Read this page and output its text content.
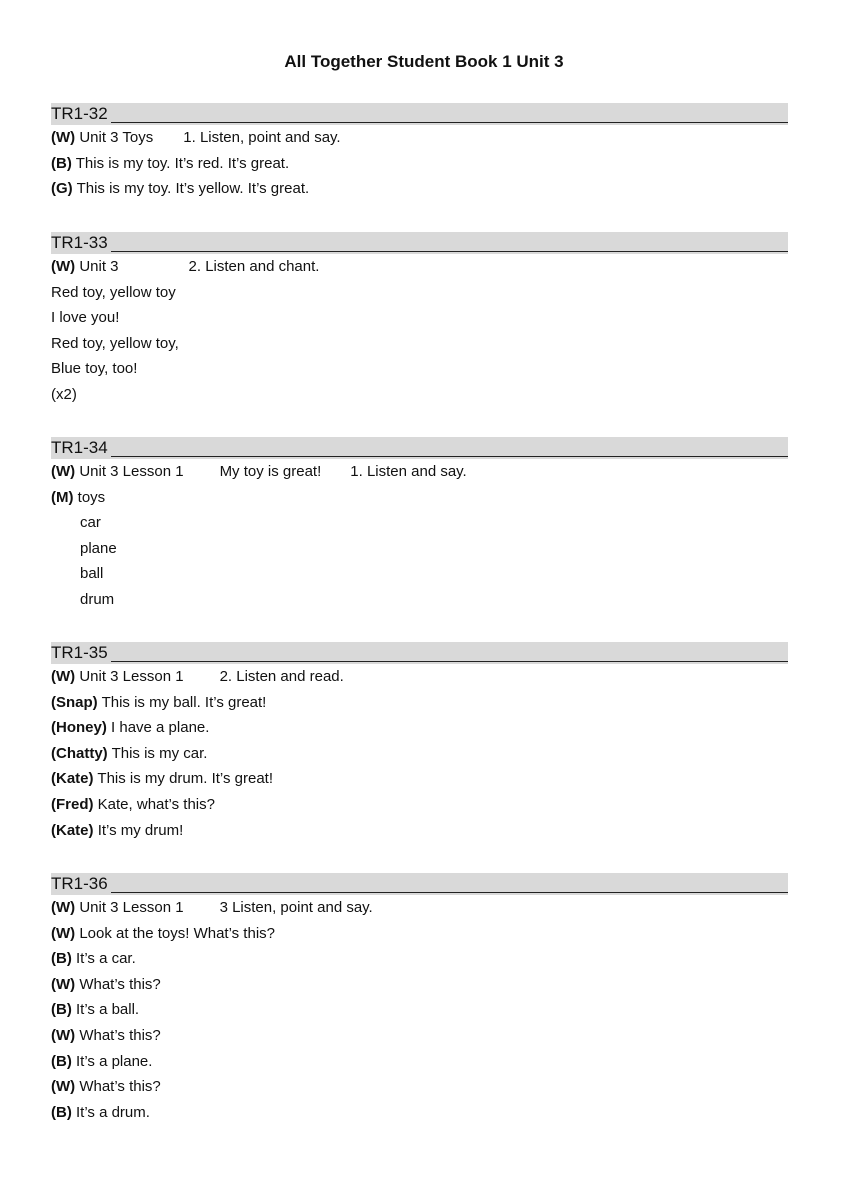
All Together Student Book 1 Unit 3
TR1-32
(W) Unit 3 Toys 1. Listen, point and say.
(B) This is my toy. It’s red. It’s great.
(G) This is my toy. It’s yellow. It’s great.
TR1-33
(W) Unit 3	2. Listen and chant.
Red toy, yellow toy
I love you!
Red toy, yellow toy,
Blue toy, too!
(x2)
TR1-34
(W) Unit 3 Lesson 1 My toy is great! 1. Listen and say.
(M) toys
car
plane
ball
drum
TR1-35
(W) Unit 3 Lesson 1 2. Listen and read.
(Snap) This is my ball. It’s great!
(Honey) I have a plane.
(Chatty) This is my car.
(Kate) This is my drum. It’s great!
(Fred) Kate, what’s this?
(Kate) It’s my drum!
TR1-36
(W) Unit 3 Lesson 1 3 Listen, point and say.
(W) Look at the toys! What’s this?
(B) It’s a car.
(W) What’s this?
(B) It’s a ball.
(W) What’s this?
(B) It’s a plane.
(W) What’s this?
(B) It’s a drum.
